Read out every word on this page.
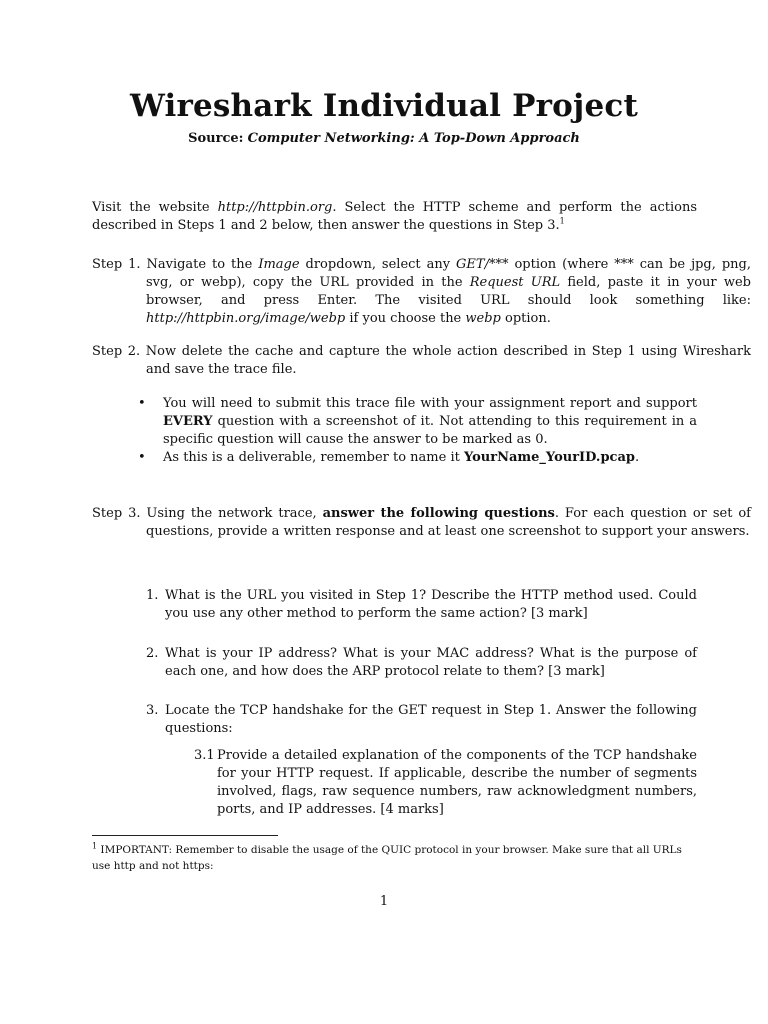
Wireshark Individual Project
Source: Computer Networking: A Top-Down Approach
Visit the website http://httpbin.org. Select the HTTP scheme and perform the actions described in Steps 1 and 2 below, then answer the questions in Step 3.$^1$
Step 1. Navigate to the Image dropdown, select any GET/*** option (where *** can be jpg, png, svg, or webp), copy the URL provided in the Request URL field, paste it in your web browser, and press Enter. The visited URL should look something like: http://httpbin.org/image/webp if you choose the webp option.
Step 2. Now delete the cache and capture the whole action described in Step 1 using Wireshark and save the trace file.
• You will need to submit this trace file with your assignment report and support EVERY question with a screenshot of it. Not attending to this requirement in a specific question will cause the answer to be marked as 0.
• As this is a deliverable, remember to name it YourName_YourID.pcap.
Step 3. Using the network trace, answer the following questions. For each question or set of questions, provide a written response and at least one screenshot to support your answers.
1. What is the URL you visited in Step 1? Describe the HTTP method used. Could you use any other method to perform the same action? [3 mark]
2. What is your IP address? What is your MAC address? What is the purpose of each one, and how does the ARP protocol relate to them? [3 mark]
3. Locate the TCP handshake for the GET request in Step 1. Answer the following questions:
3.1 Provide a detailed explanation of the components of the TCP handshake for your HTTP request. If applicable, describe the number of segments involved, flags, raw sequence numbers, raw acknowledgment numbers, ports, and IP addresses. [4 marks]
$^1$ IMPORTANT: Remember to disable the usage of the QUIC protocol in your browser. Make sure that all URLs use http and not https:
1
